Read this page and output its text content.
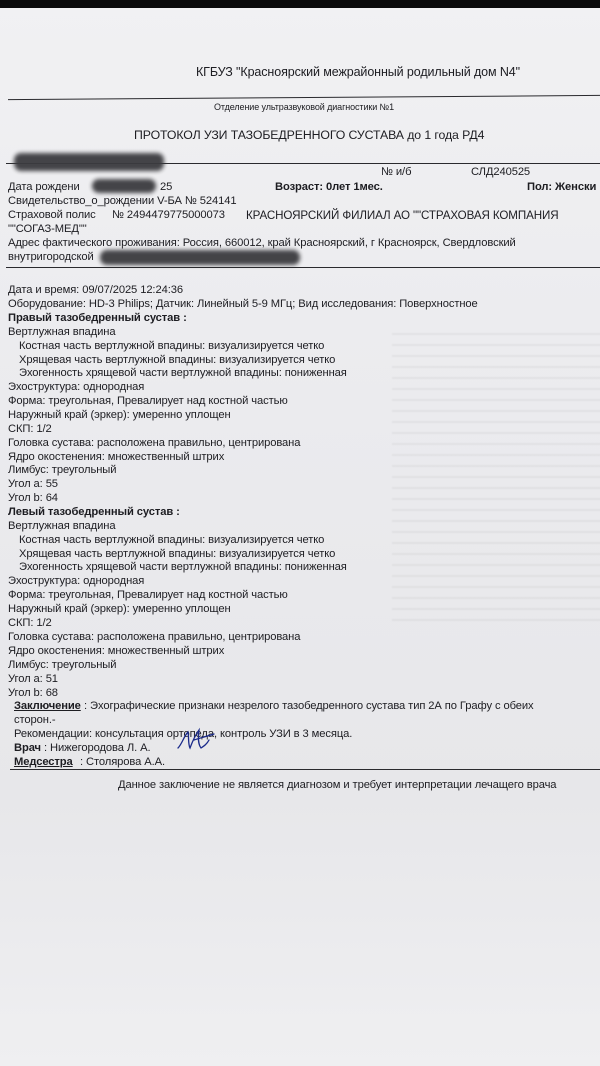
КГБУЗ "Красноярский межрайонный родильный дом N4"
Отделение ультразвуковой диагностики №1
ПРОТОКОЛ УЗИ ТАЗОБЕДРЕННОГО СУСТАВА до 1 года РД4
№ и/б	СЛД240525
Дата рождени	25	Возраст: 0лет 1мес.	Пол: Женски
Свидетельство_о_рождении V-БА № 524141
Страховой полис № 2494479775000073 КРАСНОЯРСКИЙ ФИЛИАЛ АО ""СТРАХОВАЯ КОМПАНИЯ
""СОГАЗ-МЕД""
Адрес фактического проживания: Россия, 660012, край Красноярский, г Красноярск, Свердловский
внутригородской
Дата и время: 09/07/2025 12:24:36
Оборудование: HD-3 Philips; Датчик: Линейный 5-9 МГц; Вид исследования: Поверхностное
Правый тазобедренный сустав :
Вертлужная впадина
Костная часть вертлужной впадины: визуализируется четко
Хрящевая часть вертлужной впадины: визуализируется четко
Эхогенность хрящевой части вертлужной впадины: пониженная
Эхоструктура: однородная
Форма: треугольная, Превалирует над костной частью
Наружный край (эркер): умеренно уплощен
СКП: 1/2
Головка сустава: расположена правильно, центрирована
Ядро окостенения: множественный штрих
Лимбус: треугольный
Угол a: 55
Угол b: 64
Левый тазобедренный сустав :
Вертлужная впадина
Костная часть вертлужной впадины: визуализируется четко
Хрящевая часть вертлужной впадины: визуализируется четко
Эхогенность хрящевой части вертлужной впадины: пониженная
Эхоструктура: однородная
Форма: треугольная, Превалирует над костной частью
Наружный край (эркер): умеренно уплощен
СКП: 1/2
Головка сустава: расположена правильно, центрирована
Ядро окостенения: множественный штрих
Лимбус: треугольный
Угол a: 51
Угол b: 68
Заключение : Эхографические признаки незрелого тазобедренного сустава тип 2А по Графу с обеих
сторон.-
Рекомендации: консультация ортопеда, контроль УЗИ в 3 месяца.
Врач : Нижегородова Л. А.
Медсестра : Столярова А.А.
Данное заключение не является диагнозом и требует интерпретации лечащего врача
